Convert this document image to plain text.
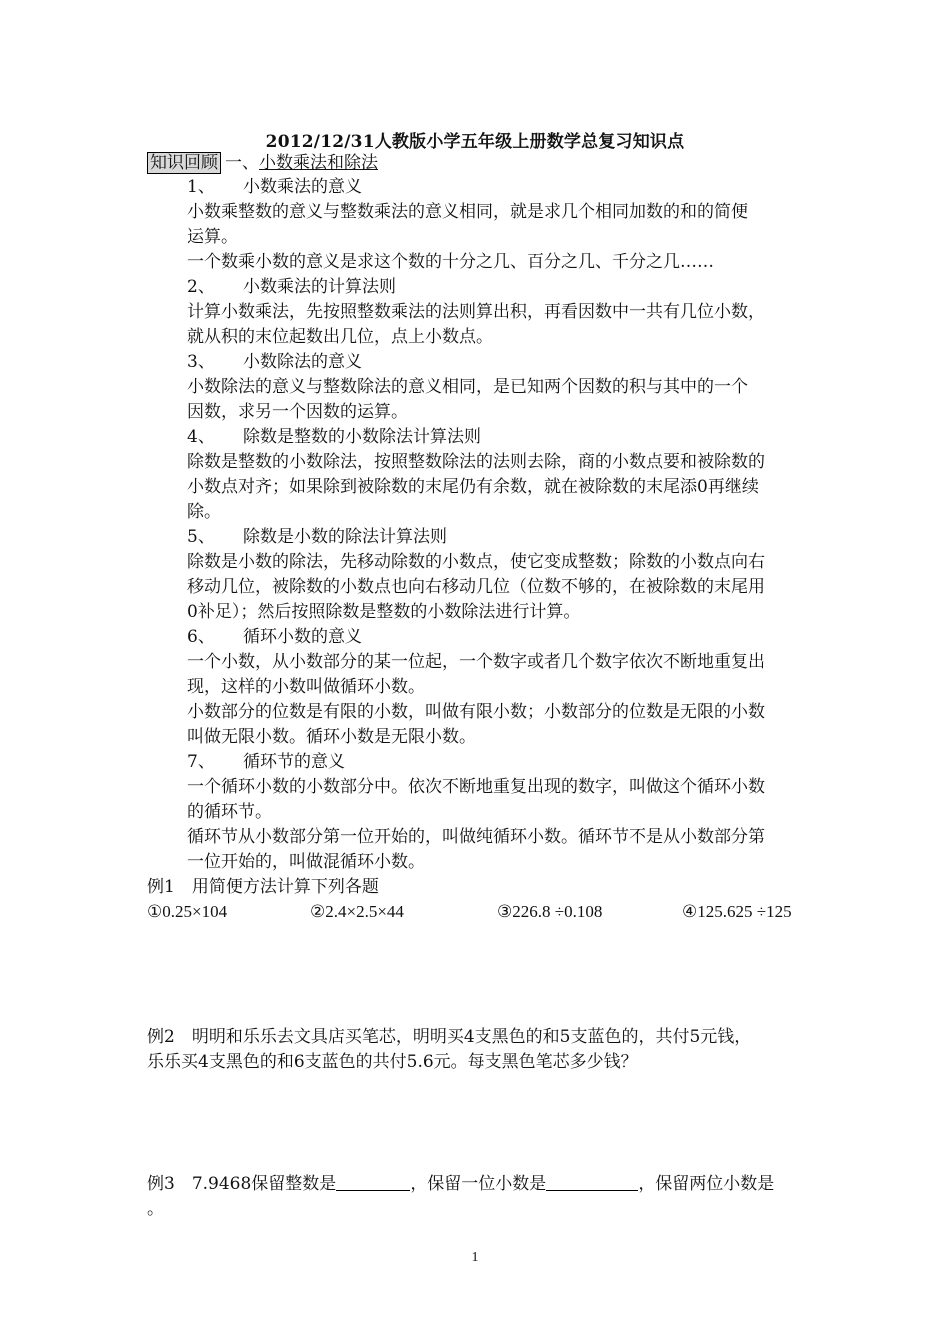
2012/12/31人教版小学五年级上册数学总复习知识点
知识回顾 一、小数乘法和除法
1、 小数乘法的意义
小数乘整数的意义与整数乘法的意义相同，就是求几个相同加数的和的简便
运算。
一个数乘小数的意义是求这个数的十分之几、百分之几、千分之几……
2、 小数乘法的计算法则
计算小数乘法，先按照整数乘法的法则算出积，再看因数中一共有几位小数，
就从积的末位起数出几位，点上小数点。
3、 小数除法的意义
小数除法的意义与整数除法的意义相同，是已知两个因数的积与其中的一个
因数，求另一个因数的运算。
4、 除数是整数的小数除法计算法则
除数是整数的小数除法，按照整数除法的法则去除，商的小数点要和被除数的
小数点对齐；如果除到被除数的末尾仍有余数，就在被除数的末尾添0再继续
除。
5、 除数是小数的除法计算法则
除数是小数的除法，先移动除数的小数点，使它变成整数；除数的小数点向右
移动几位，被除数的小数点也向右移动几位（位数不够的，在被除数的末尾用
0补足）；然后按照除数是整数的小数除法进行计算。
6、 循环小数的意义
一个小数，从小数部分的某一位起，一个数字或者几个数字依次不断地重复出
现，这样的小数叫做循环小数。
小数部分的位数是有限的小数，叫做有限小数；小数部分的位数是无限的小数
叫做无限小数。循环小数是无限小数。
7、 循环节的意义
一个循环小数的小数部分中。依次不断地重复出现的数字，叫做这个循环小数
的循环节。
循环节从小数部分第一位开始的，叫做纯循环小数。循环节不是从小数部分第
一位开始的，叫做混循环小数。
例1　用简便方法计算下列各题
①0.25×104	②2.4×2.5×44	③226.8 ÷0.108	④125.625 ÷125
例2　明明和乐乐去文具店买笔芯，明明买4支黑色的和5支蓝色的，共付5元钱，
乐乐买4支黑色的和6支蓝色的共付5.6元。每支黑色笔芯多少钱？
例3　7.9468保留整数是	，保留一位小数是	，保留两位小数是
。
1
